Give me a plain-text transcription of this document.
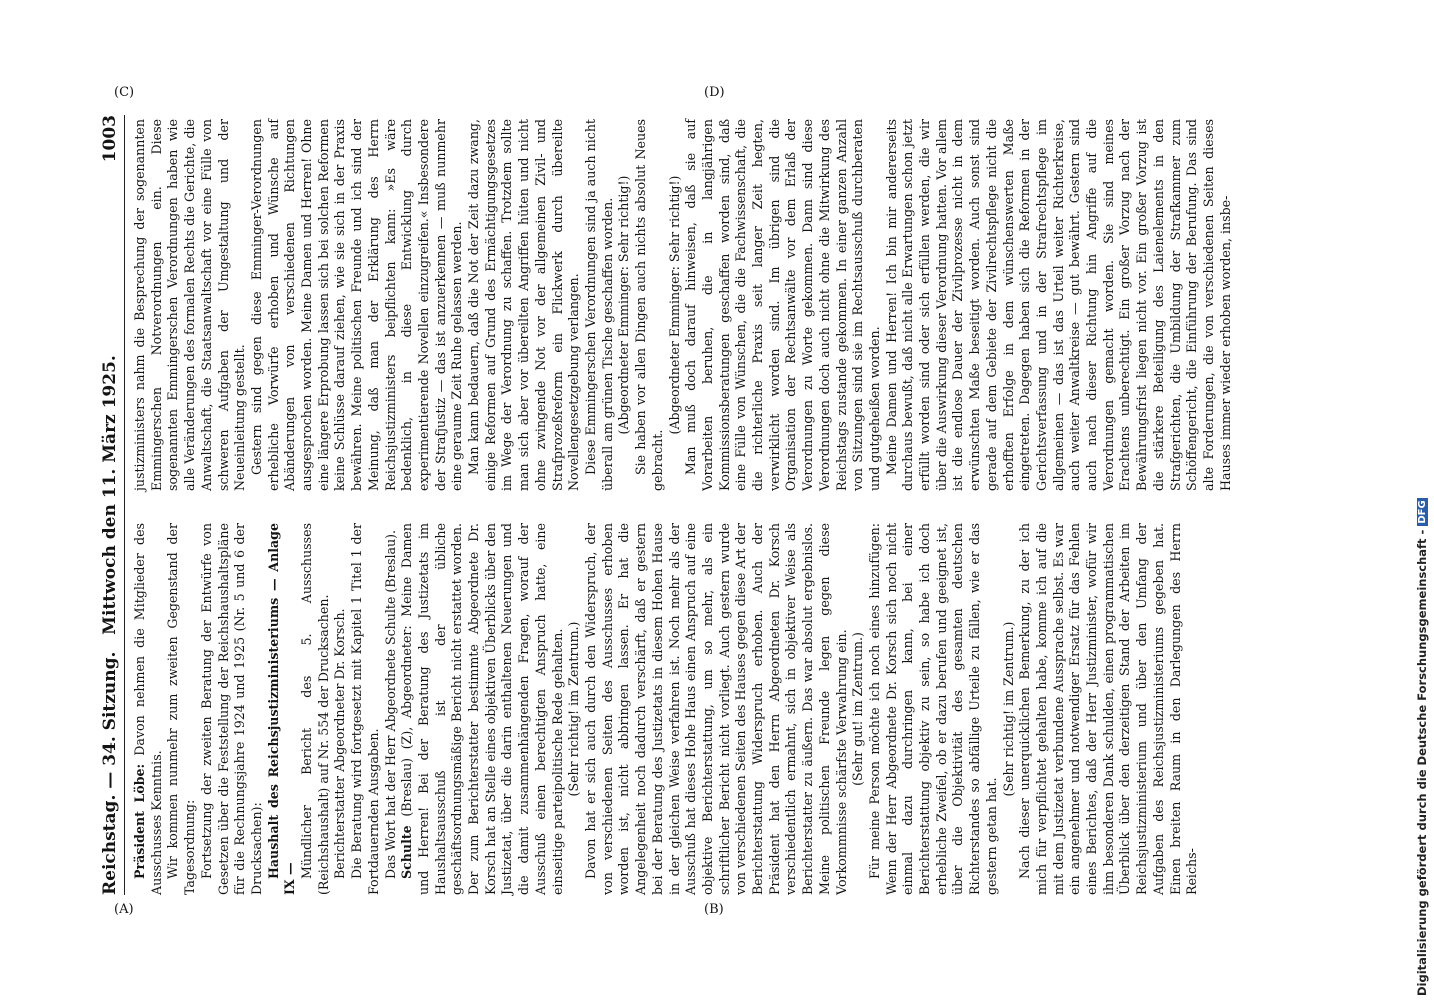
Reichstag. — 34. Sitzung.
Mittwoch den 11. März 1925.
1003

Präsident Löbe: Davon nehmen die Mitglieder des Ausschusses Kenntnis. Wir kommen nunmehr zum zweiten Gegenstand der Tagesordnung: Fortsetzung der zweiten Beratung der Entwürfe von Gesetzen über die Feststellung der Reichshaushaltspläne für die Rechnungsjahre 1924 und 1925 (Nr. 5 und 6 der Drucksachen): Haushalt des Reichsjustizministeriums — Anlage IX — Mündlicher Bericht des 5. Ausschusses (Reichshaushalt) auf Nr. 554 der Drucksachen. Berichterstatter Abgeordneter Dr. Korsch. Die Beratung wird fortgesetzt mit Kapitel 1 Titel 1 der Fortdauernden Ausgaben. Das Wort hat der Herr Abgeordnete Schulte (Breslau). Schulte (Breslau) (Z), Abgeordneter: Meine Damen und Herren! Bei der Beratung des Justizetats im Haushaltsausschuß ist der übliche geschäftsordnungsmäßige Bericht nicht erstattet worden. Der zum Berichterstatter bestimmte Abgeordnete Dr. Korsch hat an Stelle eines objektiven Überblicks über den Justizetat, über die darin enthaltenen Neuerungen und die damit zusammenhängenden Fragen, worauf der Ausschuß einen berechtigten Anspruch hatte, eine einseitige parteipolitische Rede gehalten. (Sehr richtig! im Zentrum.) Davon hat er sich auch durch den Widerspruch, der von verschiedenen Seiten des Ausschusses erhoben worden ist, nicht abbringen lassen. Er hat die Angelegenheit noch dadurch verschärft, daß er gestern bei der Beratung des Justizetats in diesem Hohen Hause in der gleichen Weise verfahren ist. Noch mehr als der Ausschuß hat dieses Hohe Haus einen Anspruch auf eine objektive Berichterstattung, um so mehr, als ein schriftlicher Bericht nicht vorliegt. Auch gestern wurde von verschiedenen Seiten des Hauses gegen diese Art der Berichterstattung Widerspruch erhoben. Auch der Präsident hat den Herrn Abgeordneten Dr. Korsch verschiedentlich ermahnt, sich in objektiver Weise als Berichterstatter zu äußern. Das war absolut ergebnislos. Meine politischen Freunde legen gegen diese Vorkommnisse schärfste Verwahrung ein. (Sehr gut! im Zentrum.) Für meine Person möchte ich noch eines hinzufügen: Wenn der Herr Abgeordnete Dr. Korsch sich noch nicht einmal dazu durchringen kann, bei einer Berichterstattung objektiv zu sein, so habe ich doch erhebliche Zweifel, ob er dazu berufen und geeignet ist, über die Objektivität des gesamten deutschen Richterstandes so abfällige Urteile zu fällen, wie er das gestern getan hat.

(Sehr richtig! im Zentrum.) Nach dieser unerquicklichen Bemerkung, zu der ich mich für verpflichtet gehalten habe, komme ich auf die mit dem Justizetat verbundene Aussprache selbst. Es war ein angenehmer und notwendiger Ersatz für das Fehlen eines Berichtes, daß der Herr Justizminister, wofür wir ihm besonderen Dank schulden, einen programmatischen Überblick über den derzeitigen Stand der Arbeiten im Reichsjustizministerium und über den Umfang der Aufgaben des Reichsjustizministeriums gegeben hat. Einen breiten Raum in den Darlegungen des Herrn Reichs-

justizministers nahm die Besprechung der sogenannten Emmingerschen Notverordnungen ein. Diese sogenannten Emmingerschen Verordnungen haben wie alle Veränderungen des formalen Rechts die Gerichte, die Anwaltschaft, die Staatsanwaltschaft vor eine Fülle von schweren Aufgaben der Umgestaltung und der Neueinleitung gestellt. Gestern sind gegen diese Emminger-Verordnungen erhebliche Vorwürfe erhoben und Wünsche auf Abänderungen von verschiedenen Richtungen ausgesprochen worden. Meine Damen und Herren! Ohne eine längere Erprobung lassen sich bei solchen Reformen keine Schlüsse darauf ziehen, wie sie sich in der Praxis bewähren. Meine politischen Freunde und ich sind der Meinung, daß man der Erklärung des Herrn Reichsjustizministers beipflichten kann: »Es wäre bedenklich, in diese Entwicklung durch experimentierende Novellen einzugreifen.« Insbesondere der Strafjustiz — das ist anzuerkennen — muß nunmehr eine geraume Zeit Ruhe gelassen werden. Man kann bedauern, daß die Not der Zeit dazu zwang, einige Reformen auf Grund des Ermächtigungsgesetzes im Wege der Verordnung zu schaffen. Trotzdem sollte man sich aber vor übereilten Angriffen hüten und nicht ohne zwingende Not vor der allgemeinen Zivil- und Strafprozeßreform ein Flickwerk durch übereilte Novellengesetzgebung verlangen. Diese Emmingerschen Verordnungen sind ja auch nicht überall am grünen Tische geschaffen worden. (Abgeordneter Emminger: Sehr richtig!) Sie haben vor allen Dingen auch nichts absolut Neues gebracht.

(Abgeordneter Emminger: Sehr richtig!) Man muß doch darauf hinweisen, daß sie auf Vorarbeiten beruhen, die in langjährigen Kommissionsberatungen geschaffen worden sind, daß eine Fülle von Wünschen, die die Fachwissenschaft, die die richterliche Praxis seit langer Zeit hegten, verwirklicht worden sind. Im übrigen sind die Organisation der Rechtsanwälte vor dem Erlaß der Verordnungen zu Worte gekommen. Dann sind diese Verordnungen doch auch nicht ohne die Mitwirkung des Reichstags zustande gekommen. In einer ganzen Anzahl von Sitzungen sind sie im Rechtsausschuß durchberaten und gutgeheißen worden. Meine Damen und Herren! Ich bin mir andererseits durchaus bewußt, daß nicht alle Erwartungen schon jetzt erfüllt worden sind oder sich erfüllen werden, die wir über die Auswirkung dieser Verordnung hatten. Vor allem ist die endlose Dauer der Zivilprozesse nicht in dem erwünschten Maße beseitigt worden. Auch sonst sind gerade auf dem Gebiete der Zivilrechtspflege nicht die erhofften Erfolge in dem wünschenswerten Maße eingetreten. Dagegen haben sich die Reformen in der Gerichtsverfassung und in der Strafrechtspflege im allgemeinen — das ist das Urteil weiter Richterkreise, auch weiter Anwaltkreise — gut bewährt. Gestern sind auch nach dieser Richtung hin Angriffe auf die Verordnungen gemacht worden. Sie sind meines Erachtens unberechtigt. Ein großer Vorzug nach der Bewährungsfrist liegen nicht vor. Ein großer Vorzug ist die stärkere Beteiligung des Laienelements in den Strafgerichten, die Umbildung der Strafkammer zum Schöffengericht, die Einführung der Berufung. Das sind alte Forderungen, die von verschiedenen Seiten dieses Hauses immer wieder erhoben worden, insbe-

(A)	(B)
(C)	(D)
Digitalisierung gefördert durch die Deutsche Forschungsgemeinschaft -
DFG
